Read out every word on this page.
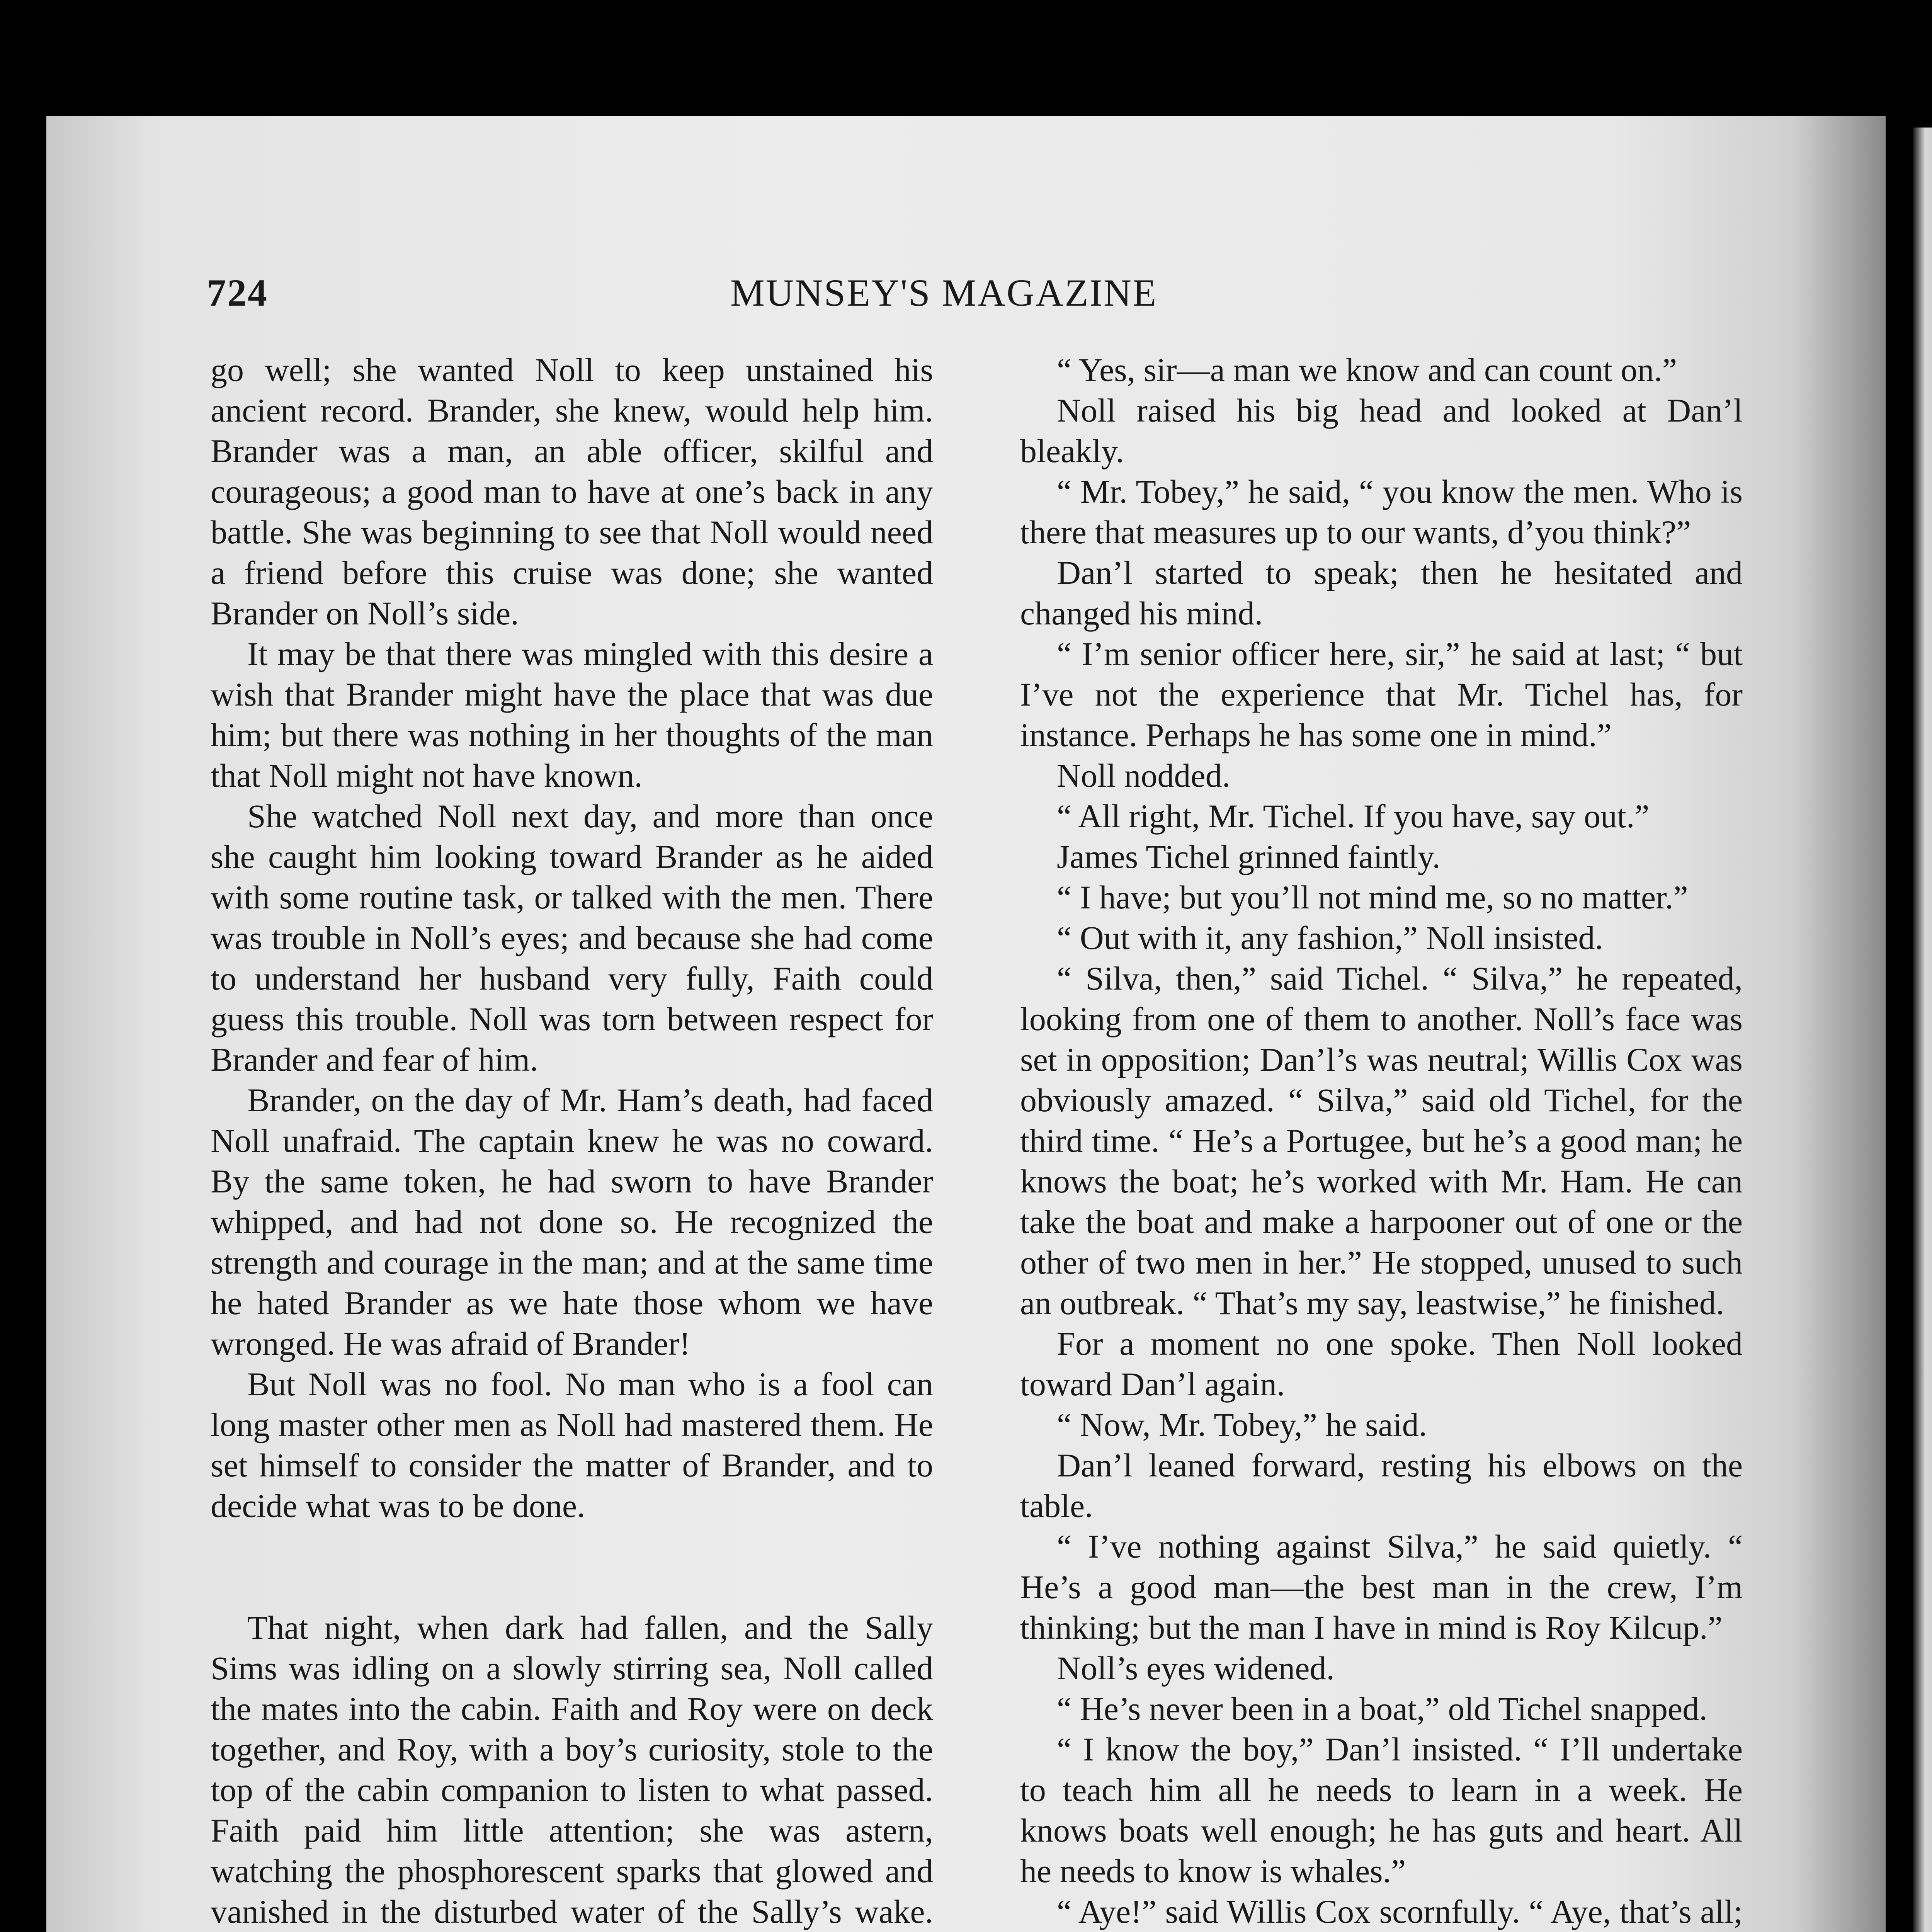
724	MUNSEY'S MAGAZINE

go well; she wanted Noll to keep unstained his ancient record. Brander, she knew, would help him. Brander was a man, an able officer, skilful and courageous; a good man to have at one’s back in any battle. She was beginning to see that Noll would need a friend before this cruise was done; she wanted Brander on Noll’s side.

It may be that there was mingled with this desire a wish that Brander might have the place that was due him; but there was nothing in her thoughts of the man that Noll might not have known.

She watched Noll next day, and more than once she caught him looking toward Brander as he aided with some routine task, or talked with the men. There was trouble in Noll’s eyes; and because she had come to understand her husband very fully, Faith could guess this trouble. Noll was torn between respect for Brander and fear of him.

Brander, on the day of Mr. Ham’s death, had faced Noll unafraid. The captain knew he was no coward. By the same token, he had sworn to have Brander whipped, and had not done so. He recognized the strength and courage in the man; and at the same time he hated Brander as we hate those whom we have wronged. He was afraid of Brander!

But Noll was no fool. No man who is a fool can long master other men as Noll had mastered them. He set himself to consider the matter of Brander, and to decide what was to be done.

That night, when dark had fallen, and the Sally Sims was idling on a slowly stirring sea, Noll called the mates into the cabin. Faith and Roy were on deck together, and Roy, with a boy’s curiosity, stole to the top of the cabin companion to listen to what passed. Faith paid him little attention; she was astern, watching the phosphorescent sparks that glowed and vanished in the disturbed water of the Sally’s wake.

“ Yes, sir—a man we know and can count on.”

Noll raised his big head and looked at Dan’l bleakly.

“ Mr. Tobey,” he said, “ you know the men. Who is there that measures up to our wants, d’you think?”

Dan’l started to speak; then he hesitated and changed his mind.

“ I’m senior officer here, sir,” he said at last; “ but I’ve not the experience that Mr. Tichel has, for instance. Perhaps he has some one in mind.”

Noll nodded.

“ All right, Mr. Tichel. If you have, say out.”

James Tichel grinned faintly.

“ I have; but you’ll not mind me, so no matter.”

“ Out with it, any fashion,” Noll insisted.

“ Silva, then,” said Tichel. “ Silva,” he repeated, looking from one of them to another. Noll’s face was set in opposition; Dan’l’s was neutral; Willis Cox was obviously amazed. “ Silva,” said old Tichel, for the third time. “ He’s a Portugee, but he’s a good man; he knows the boat; he’s worked with Mr. Ham. He can take the boat and make a harpooner out of one or the other of two men in her.” He stopped, unused to such an outbreak. “ That’s my say, leastwise,” he finished.

For a moment no one spoke. Then Noll looked toward Dan’l again.

“ Now, Mr. Tobey,” he said.

Dan’l leaned forward, resting his elbows on the table.

“ I’ve nothing against Silva,” he said quietly. “ He’s a good man—the best man in the crew, I’m thinking; but the man I have in mind is Roy Kilcup.”

Noll’s eyes widened.

“ He’s never been in a boat,” old Tichel snapped.

“ I know the boy,” Dan’l insisted. “ I’ll undertake to teach him all he needs to learn in a week. He knows boats well enough; he has guts and heart. All he needs to know is whales.”

“ Aye!” said Willis Cox scornfully. “ Aye, that’s all;
